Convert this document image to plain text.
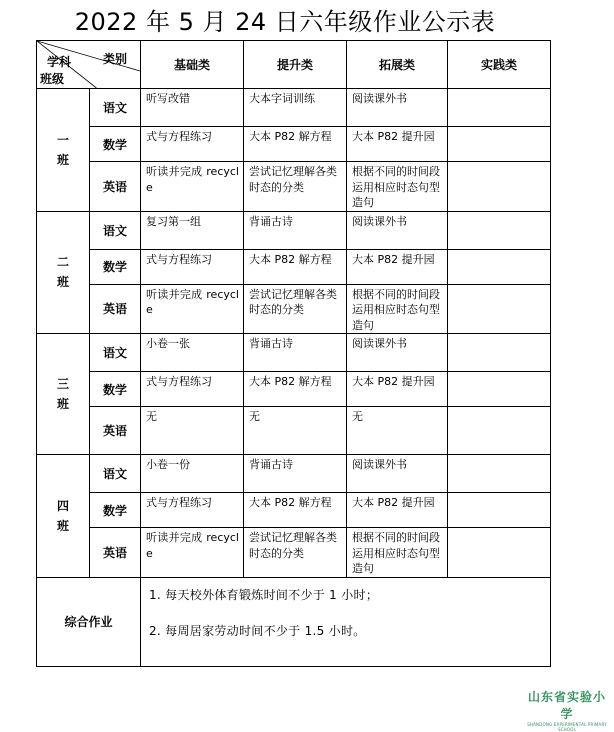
2022 年 5 月 24 日六年级作业公示表
类别
学科
班级		基础类	提升类	拓展类	实践类
一班	语文	听写改错	大本字词训练	阅读课外书	
	数学	式与方程练习	大本 P82 解方程	大本 P82 提升园	
	英语	听读并完成 recycle	尝试记忆理解各类时态的分类	根据不同的时间段运用相应时态句型造句	
二班	语文	复习第一组	背诵古诗	阅读课外书	
	数学	式与方程练习	大本 P82 解方程	大本 P82 提升园	
	英语	听读并完成 recycle	尝试记忆理解各类时态的分类	根据不同的时间段运用相应时态句型造句	
三班	语文	小卷一张	背诵古诗	阅读课外书	
	数学	式与方程练习	大本 P82 解方程	大本 P82 提升园	
	英语	无	无	无	
四班	语文	小卷一份	背诵古诗	阅读课外书	
	数学	式与方程练习	大本 P82 解方程	大本 P82 提升园	
	英语	听读并完成 recycle	尝试记忆理解各类时态的分类	根据不同的时间段运用相应时态句型造句	
综合作业		1. 每天校外体育锻炼时间不少于 1 小时；

2. 每周居家劳动时间不少于 1.5 小时。			

山东省实验小学
SHANDONG EXPERIMENTAL PRIMARY SCHOOL
